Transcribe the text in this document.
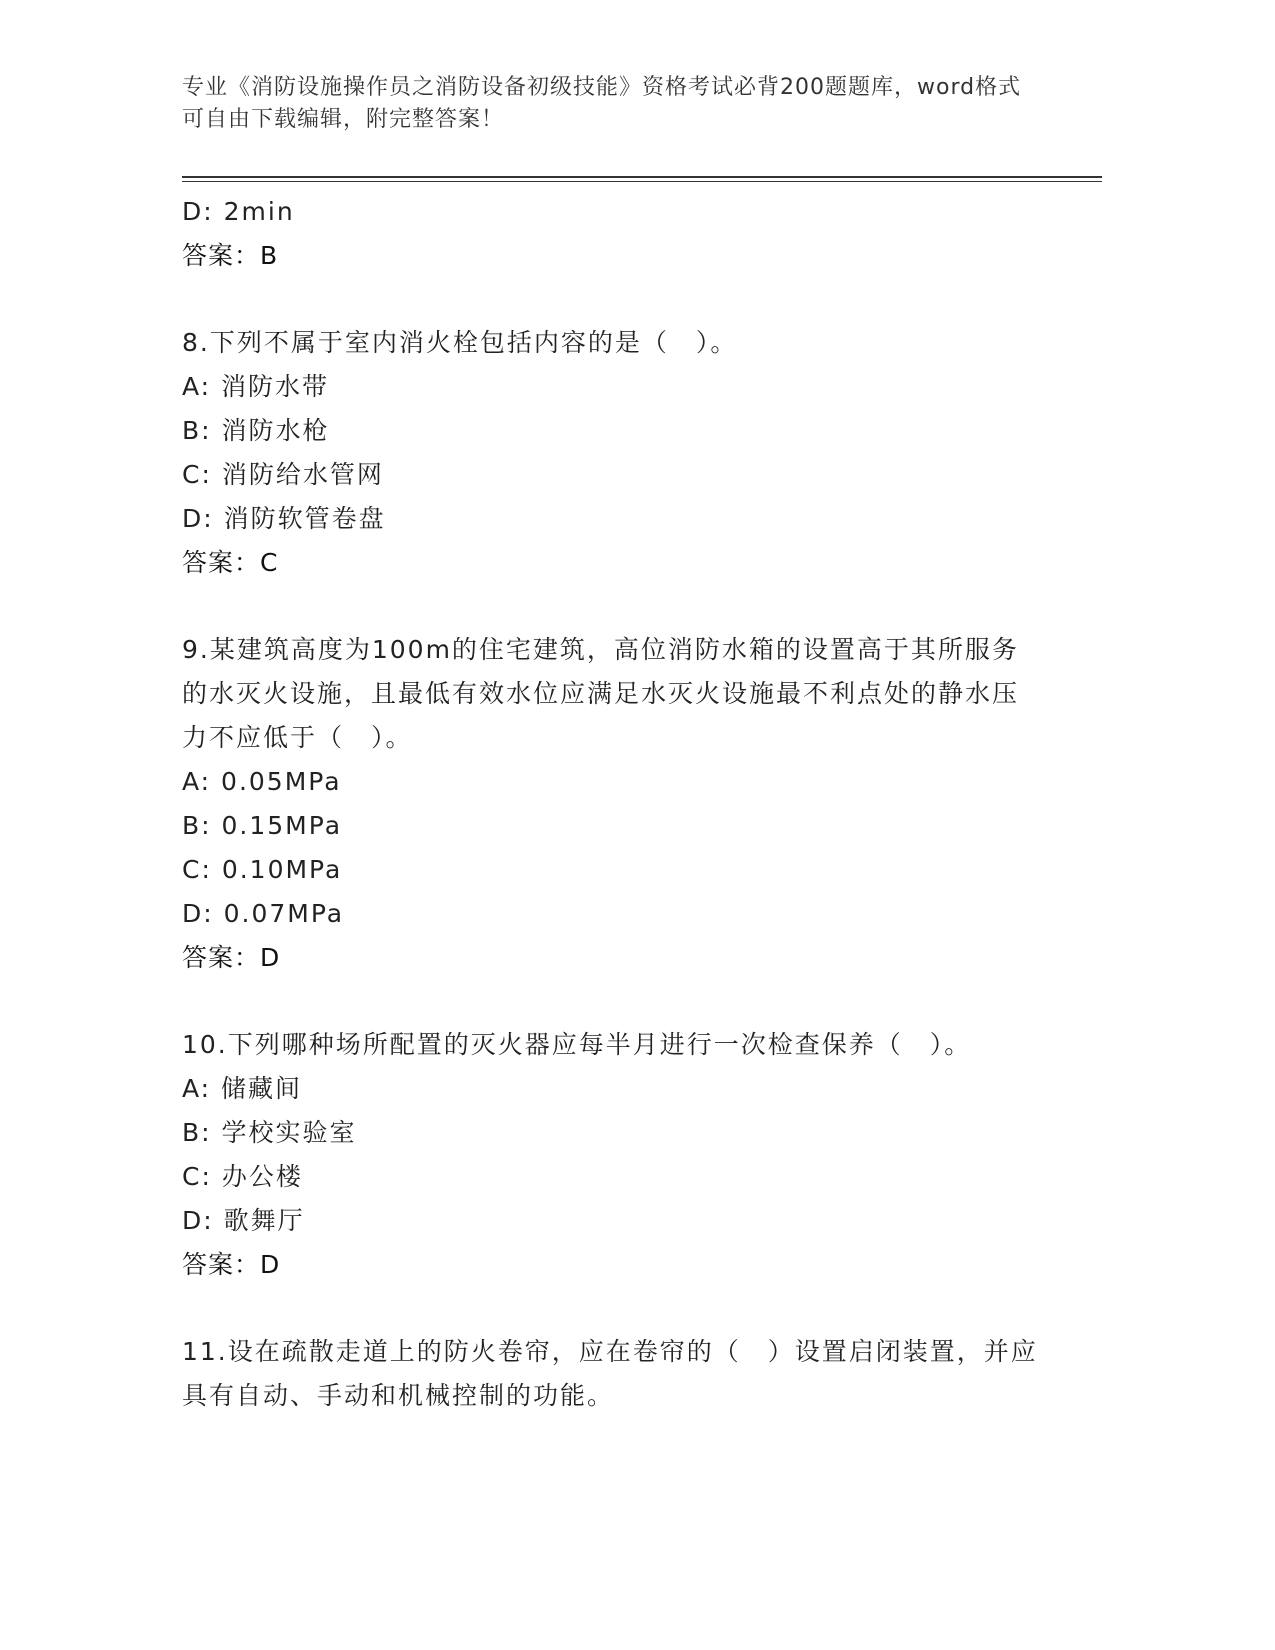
专业《消防设施操作员之消防设备初级技能》资格考试必背200题题库，word格式可自由下载编辑，附完整答案！
D: 2min
答案：B
8.下列不属于室内消火栓包括内容的是（　）。
A: 消防水带
B: 消防水枪
C: 消防给水管网
D: 消防软管卷盘
答案：C
9.某建筑高度为100m的住宅建筑，高位消防水箱的设置高于其所服务的水灭火设施，且最低有效水位应满足水灭火设施最不利点处的静水压力不应低于（　）。
A: 0.05MPa
B: 0.15MPa
C: 0.10MPa
D: 0.07MPa
答案：D
10.下列哪种场所配置的灭火器应每半月进行一次检查保养（　）。
A: 储藏间
B: 学校实验室
C: 办公楼
D: 歌舞厅
答案：D
11.设在疏散走道上的防火卷帘，应在卷帘的（　）设置启闭装置，并应具有自动、手动和机械控制的功能。
